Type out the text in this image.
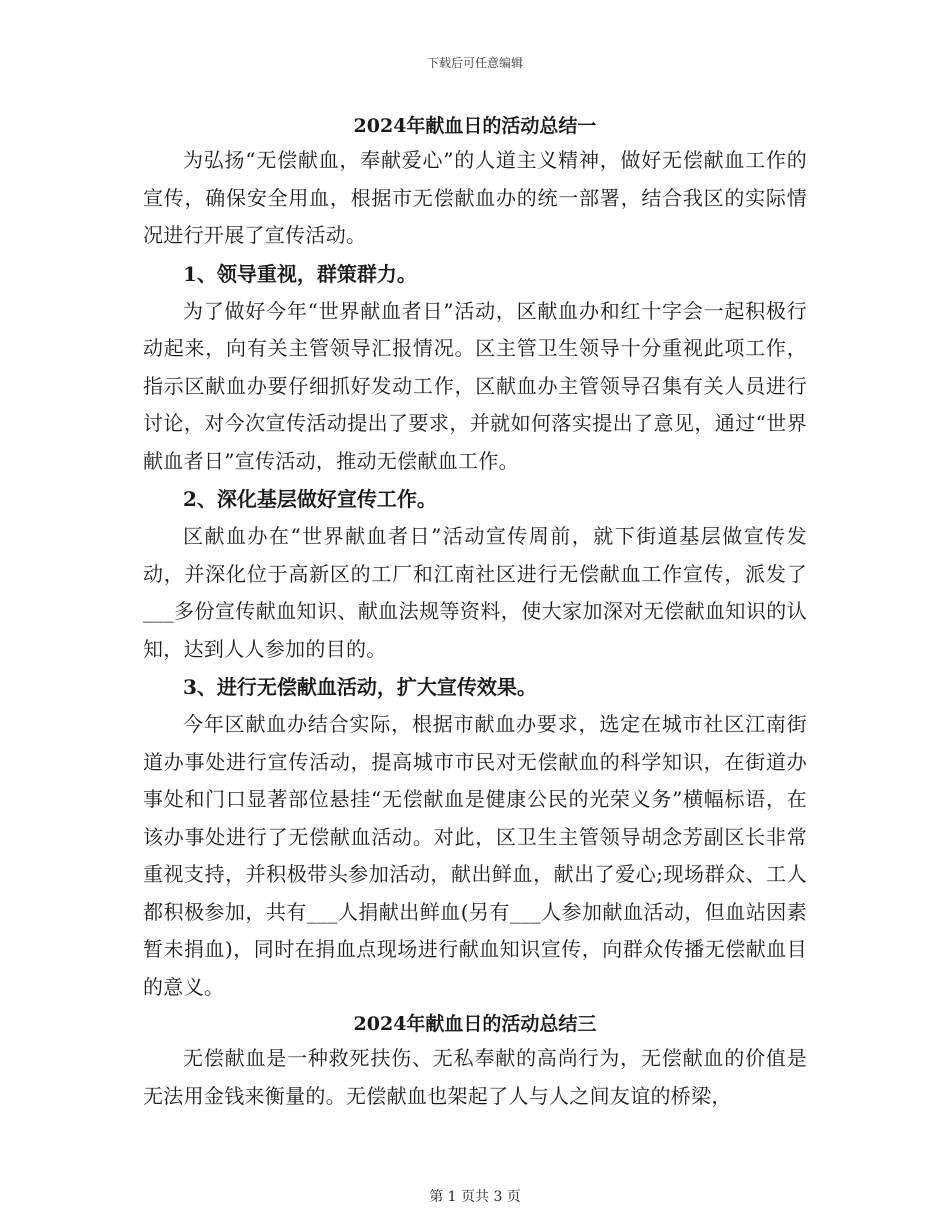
下载后可任意编辑
2024年献血日的活动总结一

为弘扬“无偿献血，奉献爱心”的人道主义精神，做好无偿献血工作的宣传，确保安全用血，根据市无偿献血办的统一部署，结合我区的实际情况进行开展了宣传活动。

1、领导重视，群策群力。

为了做好今年“世界献血者日”活动，区献血办和红十字会一起积极行动起来，向有关主管领导汇报情况。区主管卫生领导十分重视此项工作，指示区献血办要仔细抓好发动工作，区献血办主管领导召集有关人员进行讨论，对今次宣传活动提出了要求，并就如何落实提出了意见，通过“世界献血者日”宣传活动，推动无偿献血工作。

2、深化基层做好宣传工作。

区献血办在“世界献血者日”活动宣传周前，就下街道基层做宣传发动，并深化位于高新区的工厂和江南社区进行无偿献血工作宣传，派发了___多份宣传献血知识、献血法规等资料，使大家加深对无偿献血知识的认知，达到人人参加的目的。

3、进行无偿献血活动，扩大宣传效果。

今年区献血办结合实际，根据市献血办要求，选定在城市社区江南街道办事处进行宣传活动，提高城市市民对无偿献血的科学知识，在街道办事处和门口显著部位悬挂“无偿献血是健康公民的光荣义务”横幅标语，在该办事处进行了无偿献血活动。对此，区卫生主管领导胡念芳副区长非常重视支持，并积极带头参加活动，献出鲜血，献出了爱心;现场群众、工人都积极参加，共有___人捐献出鲜血(另有___人参加献血活动，但血站因素暂未捐血)，同时在捐血点现场进行献血知识宣传，向群众传播无偿献血目的意义。

2024年献血日的活动总结三

无偿献血是一种救死扶伤、无私奉献的高尚行为，无偿献血的价值是无法用金钱来衡量的。无偿献血也架起了人与人之间友谊的桥梁，

第 1 页共 3 页
